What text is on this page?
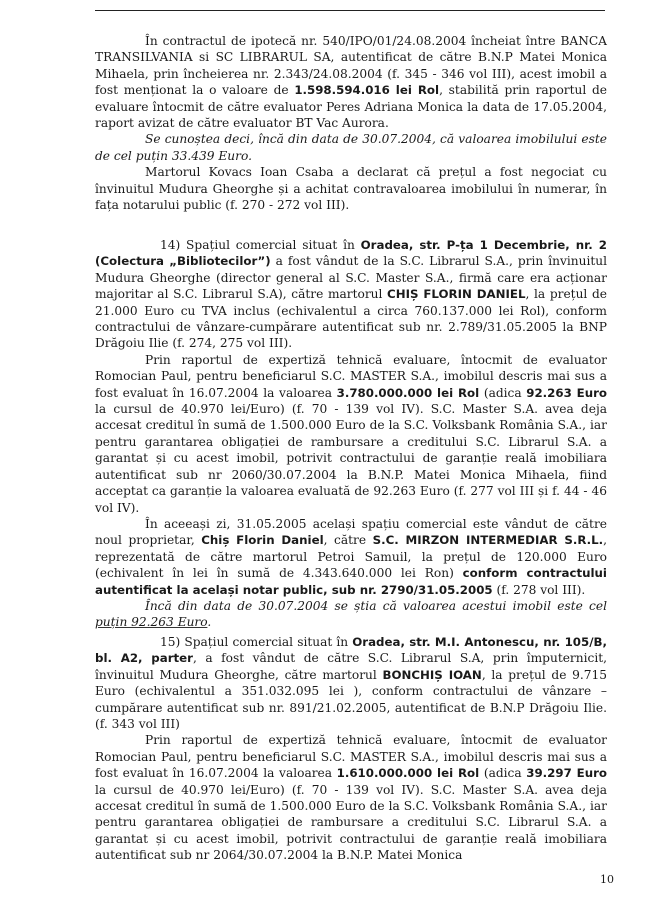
În contractul de ipotecă nr. 540/IPO/01/24.08.2004 încheiat între BANCA TRANSILVANIA si SC LIBRARUL SA, autentificat de către B.N.P Matei Monica Mihaela, prin încheierea nr. 2.343/24.08.2004 (f. 345 - 346 vol III), acest imobil a fost menționat la o valoare de 1.598.594.016 lei Rol, stabilită prin raportul de evaluare întocmit de către evaluator Peres Adriana Monica la data de 17.05.2004, raport avizat de către evaluator BT Vac Aurora.

Se cunoștea deci, încă din data de 30.07.2004, că valoarea imobilului este de cel puțin 33.439 Euro.

Martorul Kovacs Ioan Csaba a declarat că prețul a fost negociat cu învinuitul Mudura Gheorghe și a achitat contravaloarea imobilului în numerar, în fața notarului public (f. 270 - 272 vol III).

14) Spațiul comercial situat în Oradea, str. P-ța 1 Decembrie, nr. 2 (Colectura „Bibliotecilor”) a fost vândut de la S.C. Librarul S.A., prin învinuitul Mudura Gheorghe (director general al S.C. Master S.A., firmă care era acționar majoritar al S.C. Librarul S.A), către martorul CHIȘ FLORIN DANIEL, la prețul de 21.000 Euro cu TVA inclus (echivalentul a circa 760.137.000 lei Rol), conform contractului de vânzare-cumpărare autentificat sub nr. 2.789/31.05.2005 la BNP Drăgoiu Ilie (f. 274, 275 vol III).

Prin raportul de expertiză tehnică evaluare, întocmit de evaluator Romocian Paul, pentru beneficiarul S.C. MASTER S.A., imobilul descris mai sus a fost evaluat în 16.07.2004 la valoarea 3.780.000.000 lei Rol (adica 92.263 Euro la cursul de 40.970 lei/Euro) (f. 70 - 139 vol IV). S.C. Master S.A. avea deja accesat creditul în sumă de 1.500.000 Euro de la S.C. Volksbank România S.A., iar pentru garantarea obligației de rambursare a creditului S.C. Librarul S.A. a garantat și cu acest imobil, potrivit contractului de garanție reală imobiliara autentificat sub nr 2060/30.07.2004 la B.N.P. Matei Monica Mihaela, fiind acceptat ca garanție la valoarea evaluată de 92.263 Euro (f. 277 vol III și f. 44 - 46 vol IV).

În aceeași zi, 31.05.2005 același spațiu comercial este vândut de către noul proprietar, Chiș Florin Daniel, către S.C. MIRZON INTERMEDIAR S.R.L., reprezentată de către martorul Petroi Samuil, la prețul de 120.000 Euro (echivalent în lei în sumă de 4.343.640.000 lei Ron) conform contractului autentificat la același notar public, sub nr. 2790/31.05.2005 (f. 278 vol III).

Încă din data de 30.07.2004 se știa că valoarea acestui imobil este cel puțin 92.263 Euro.

15) Spațiul comercial situat în Oradea, str. M.I. Antonescu, nr. 105/B, bl. A2, parter, a fost vândut de către S.C. Librarul S.A, prin împuternicit, învinuitul Mudura Gheorghe, către martorul BONCHIȘ IOAN, la prețul de 9.715 Euro (echivalentul a 351.032.095 lei ), conform contractului de vânzare – cumpărare autentificat sub nr. 891/21.02.2005, autentificat de B.N.P Drăgoiu Ilie. (f. 343 vol III)

Prin raportul de expertiză tehnică evaluare, întocmit de evaluator Romocian Paul, pentru beneficiarul S.C. MASTER S.A., imobilul descris mai sus a fost evaluat în 16.07.2004 la valoarea 1.610.000.000 lei Rol (adica 39.297 Euro la cursul de 40.970 lei/Euro) (f. 70 - 139 vol IV). S.C. Master S.A. avea deja accesat creditul în sumă de 1.500.000 Euro de la S.C. Volksbank România S.A., iar pentru garantarea obligației de rambursare a creditului S.C. Librarul S.A. a garantat și cu acest imobil, potrivit contractului de garanție reală imobiliara autentificat sub nr 2064/30.07.2004 la B.N.P. Matei Monica

10
